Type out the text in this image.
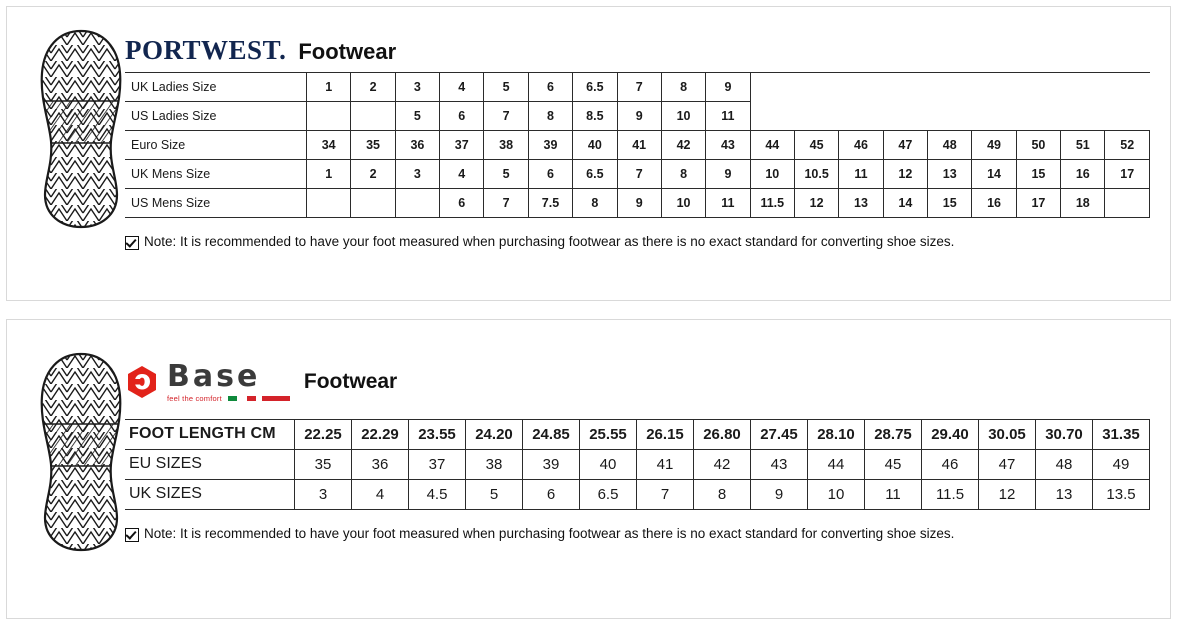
PORTWEST. Footwear
UK Ladies Size	1	2	3	4	5	6	6.5	7	8	9									
US Ladies Size			5	6	7	8	8.5	9	10	11									
Euro Size	34	35	36	37	38	39	40	41	42	43	44	45	46	47	48	49	50	51	52
UK Mens Size	1	2	3	4	5	6	6.5	7	8	9	10	10.5	11	12	13	14	15	16	17
US Mens Size				6	7	7.5	8	9	10	11	11.5	12	13	14	15	16	17	18	
Note: It is recommended to have your foot measured when purchasing footwear as there is no exact standard for converting shoe sizes.
Base
feel the comfort
Footwear
FOOT LENGTH CM	22.25	22.29	23.55	24.20	24.85	25.55	26.15	26.80	27.45	28.10	28.75	29.40	30.05	30.70	31.35
EU SIZES	35	36	37	38	39	40	41	42	43	44	45	46	47	48	49
UK SIZES	3	4	4.5	5	6	6.5	7	8	9	10	11	11.5	12	13	13.5
Note: It is recommended to have your foot measured when purchasing footwear as there is no exact standard for converting shoe sizes.
